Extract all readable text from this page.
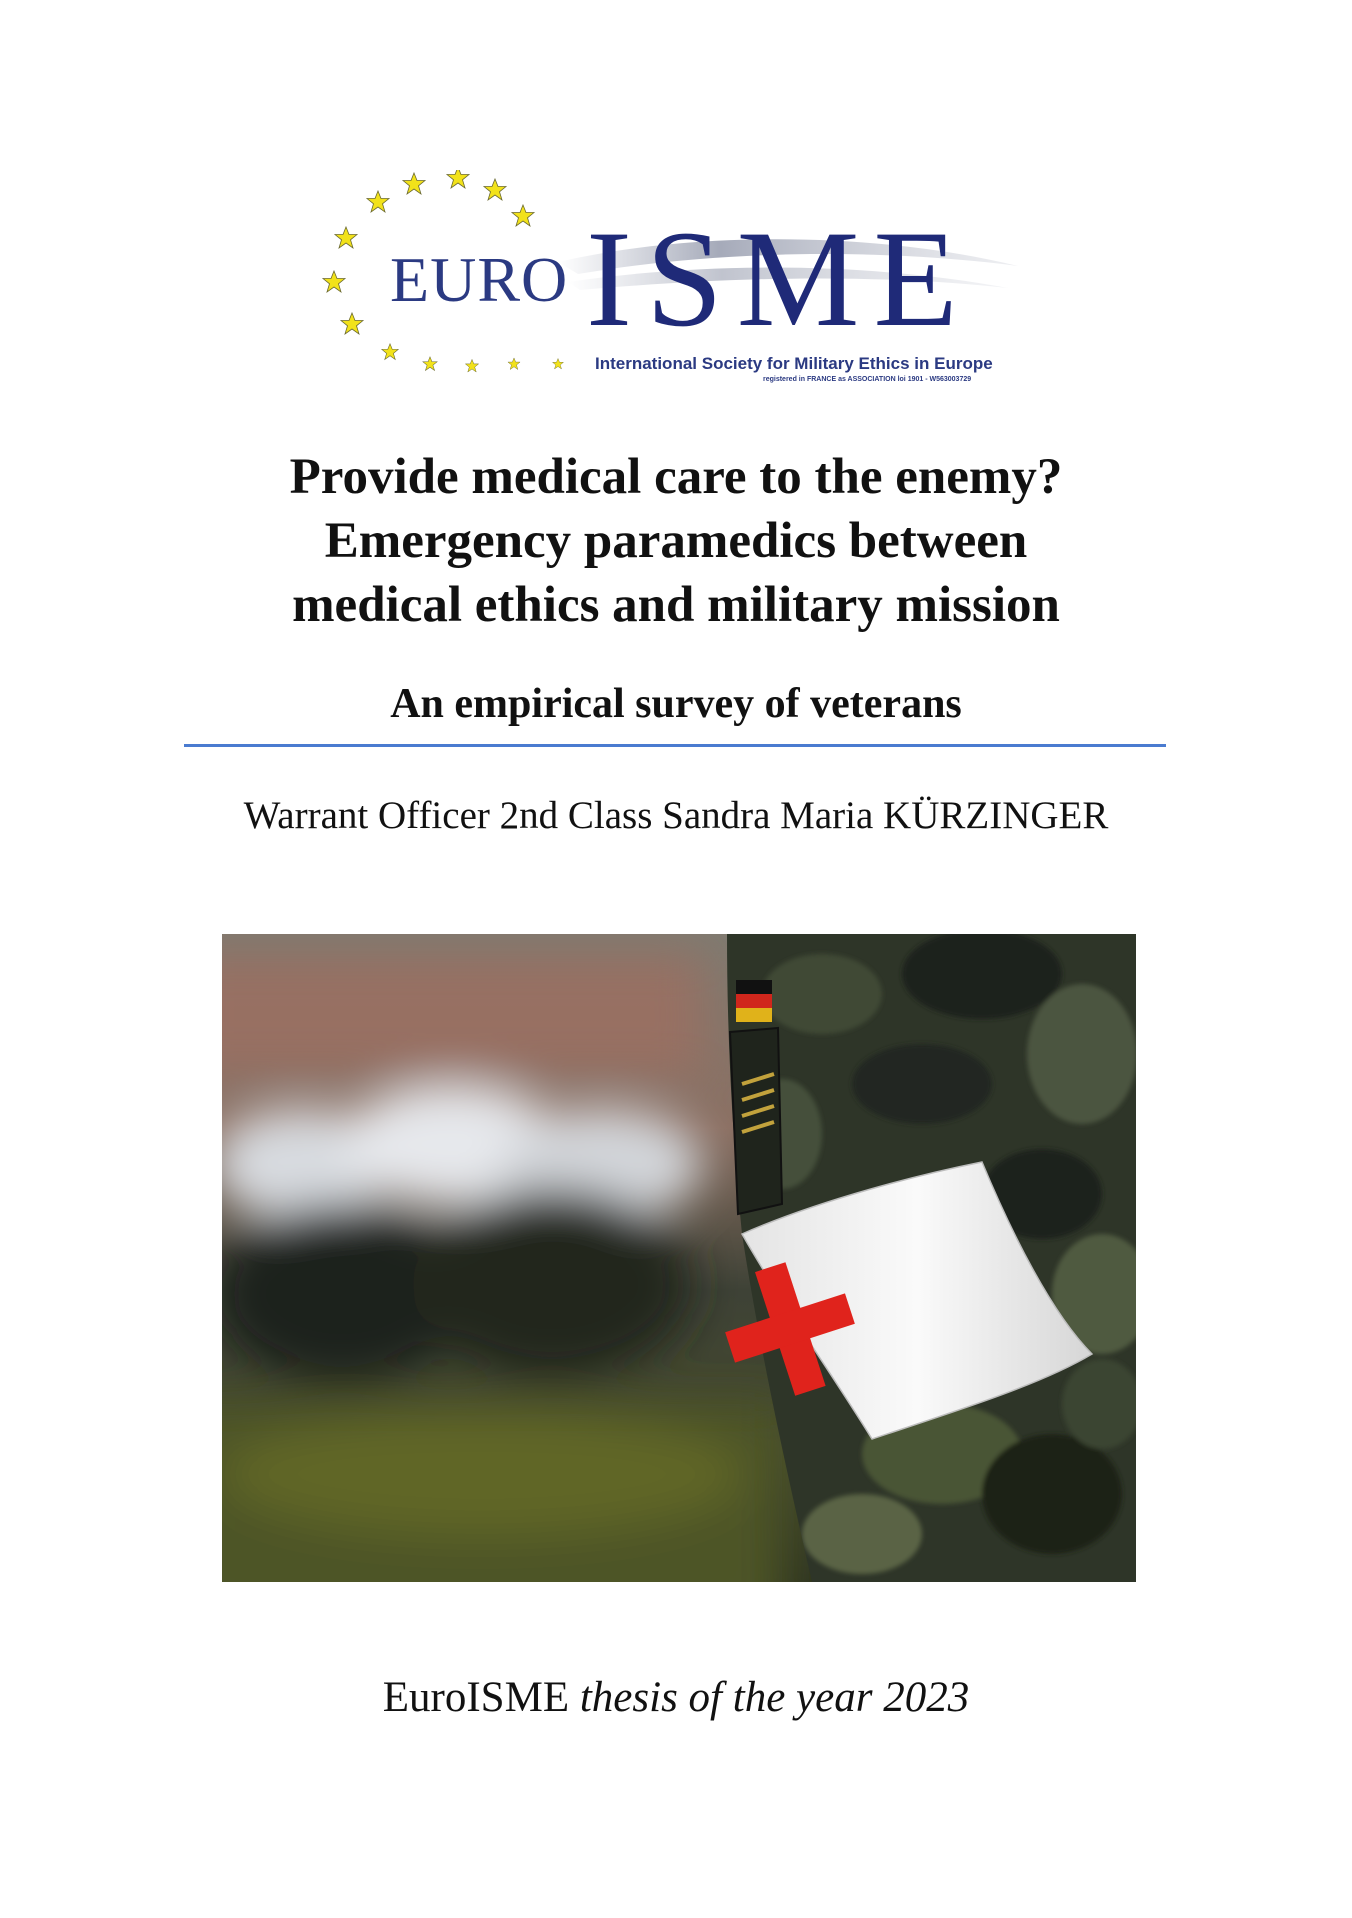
EURO ISME
International Society for Military Ethics in Europe
registered in FRANCE as ASSOCIATION loi 1901 - W563003729
Provide medical care to the enemy?
Emergency paramedics between
medical ethics and military mission
An empirical survey of veterans
Warrant Officer 2nd Class Sandra Maria KÜRZINGER
EuroISME thesis of the year 2023
